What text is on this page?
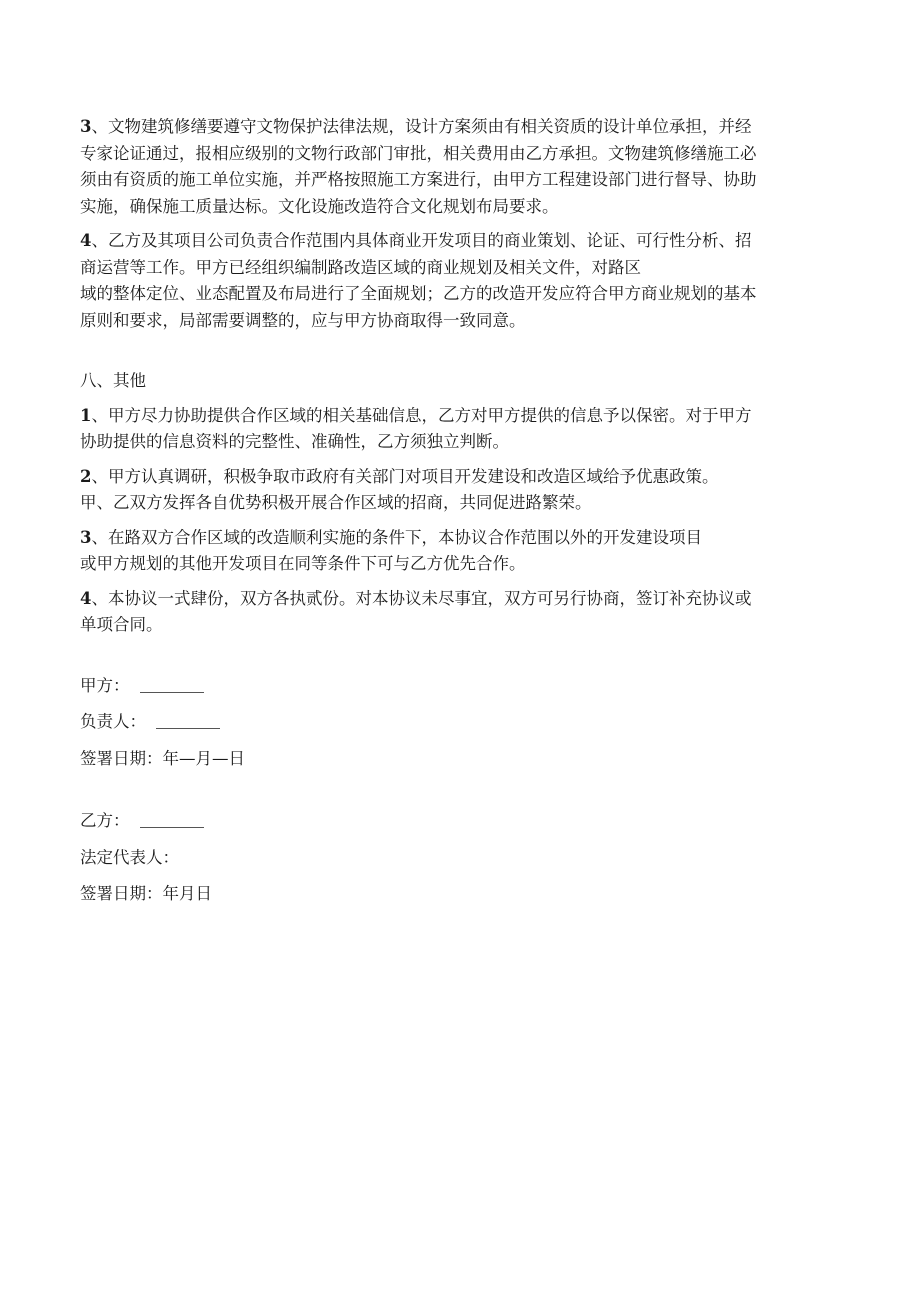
3、文物建筑修缮要遵守文物保护法律法规，设计方案须由有相关资质的设计单位承担，并经
专家论证通过，报相应级别的文物行政部门审批，相关费用由乙方承担。文物建筑修缮施工必
须由有资质的施工单位实施，并严格按照施工方案进行，由甲方工程建设部门进行督导、协助
实施，确保施工质量达标。文化设施改造符合文化规划布局要求。

4、乙方及其项目公司负责合作范围内具体商业开发项目的商业策划、论证、可行性分析、招
商运营等工作。甲方已经组织编制路改造区域的商业规划及相关文件，对路区
域的整体定位、业态配置及布局进行了全面规划；乙方的改造开发应符合甲方商业规划的基本
原则和要求，局部需要调整的，应与甲方协商取得一致同意。

八、其他

1、甲方尽力协助提供合作区域的相关基础信息，乙方对甲方提供的信息予以保密。对于甲方
协助提供的信息资料的完整性、准确性，乙方须独立判断。

2、甲方认真调研，积极争取市政府有关部门对项目开发建设和改造区域给予优惠政策。
甲、乙双方发挥各自优势积极开展合作区域的招商，共同促进路繁荣。

3、在路双方合作区域的改造顺利实施的条件下，本协议合作范围以外的开发建设项目
或甲方规划的其他开发项目在同等条件下可与乙方优先合作。

4、本协议一式肆份，双方各执贰份。对本协议未尽事宜，双方可另行协商，签订补充协议或
单项合同。

甲方：

负责人：

签署日期：年—月—日

乙方：

法定代表人：

签署日期：年月日
